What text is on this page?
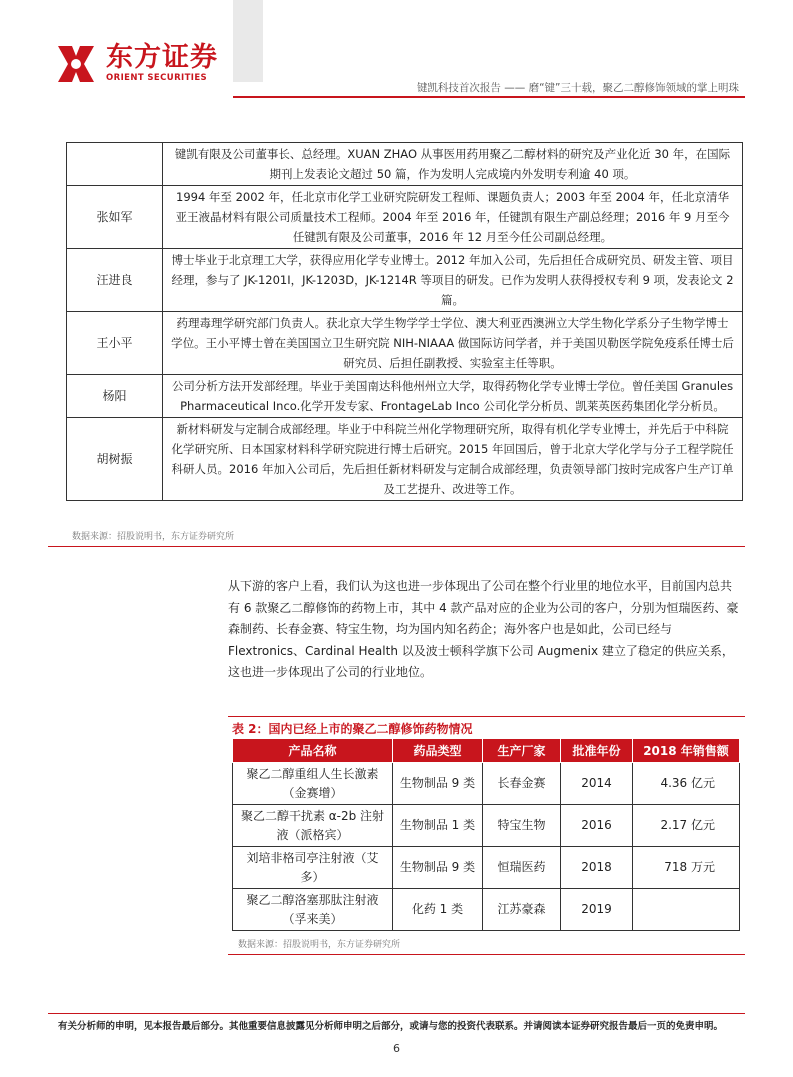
东方证券
ORIENT SECURITIES
键凯科技首次报告 —— 磨“键”三十载，聚乙二醇修饰领域的掌上明珠
	键凯有限及公司董事长、总经理。XUAN ZHAO 从事医用药用聚乙二醇材料的研究及产业化近 30 年，在国际期刊上发表论文超过 50 篇，作为发明人完成境内外发明专利逾 40 项。
张如军	1994 年至 2002 年，任北京市化学工业研究院研发工程师、课题负责人；2003 年至 2004 年，任北京清华亚王液晶材料有限公司质量技术工程师。2004 年至 2016 年，任键凯有限生产副总经理；2016 年 9 月至今任键凯有限及公司董事，2016 年 12 月至今任公司副总经理。
汪进良	博士毕业于北京理工大学，获得应用化学专业博士。2012 年加入公司，先后担任合成研究员、研发主管、项目经理，参与了 JK-1201I，JK-1203D，JK-1214R 等项目的研发。已作为发明人获得授权专利 9 项，发表论文 2 篇。
王小平	药理毒理学研究部门负责人。获北京大学生物学学士学位、澳大利亚西澳洲立大学生物化学系分子生物学博士学位。王小平博士曾在美国国立卫生研究院 NIH-NIAAA 做国际访问学者，并于美国贝勒医学院免疫系任博士后研究员、后担任副教授、实验室主任等职。
杨阳	公司分析方法开发部经理。毕业于美国南达科他州州立大学，取得药物化学专业博士学位。曾任美国 Granules Pharmaceutical Inco.化学开发专家、FrontageLab Inco 公司化学分析员、凯莱英医药集团化学分析员。
胡树振	新材料研发与定制合成部经理。毕业于中科院兰州化学物理研究所，取得有机化学专业博士，并先后于中科院化学研究所、日本国家材料科学研究院进行博士后研究。2015 年回国后，曾于北京大学化学与分子工程学院任科研人员。2016 年加入公司后，先后担任新材料研发与定制合成部经理，负责领导部门按时完成客户生产订单及工艺提升、改进等工作。
数据来源：招股说明书，东方证券研究所

从下游的客户上看，我们认为这也进一步体现出了公司在整个行业里的地位水平，目前国内总共有 6 款聚乙二醇修饰的药物上市，其中 4 款产品对应的企业为公司的客户，分别为恒瑞医药、豪森制药、长春金赛、特宝生物，均为国内知名药企；海外客户也是如此，公司已经与 Flextronics、Cardinal Health 以及波士顿科学旗下公司 Augmenix 建立了稳定的供应关系，这也进一步体现出了公司的行业地位。

表 2：国内已经上市的聚乙二醇修饰药物情况
产品名称	药品类型	生产厂家	批准年份	2018 年销售额
聚乙二醇重组人生长激素（金赛增）	生物制品 9 类	长春金赛	2014	4.36 亿元
聚乙二醇干扰素 α-2b 注射液（派格宾）	生物制品 1 类	特宝生物	2016	2.17 亿元
刘培非格司亭注射液（艾多）	生物制品 9 类	恒瑞医药	2018	718 万元
聚乙二醇洛塞那肽注射液（孚来美）	化药 1 类	江苏豪森	2019	
数据来源：招股说明书，东方证券研究所
有关分析师的申明，见本报告最后部分。其他重要信息披露见分析师申明之后部分，或请与您的投资代表联系。并请阅读本证券研究报告最后一页的免责申明。
6
